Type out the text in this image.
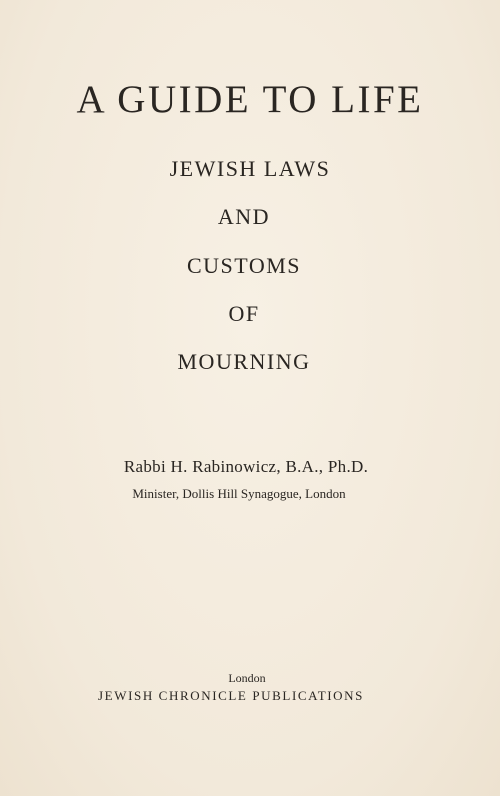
A GUIDE TO LIFE
JEWISH LAWS
AND
CUSTOMS
OF
MOURNING
Rabbi H. Rabinowicz, B.A., Ph.D.
Minister, Dollis Hill Synagogue, London
London
JEWISH CHRONICLE PUBLICATIONS
